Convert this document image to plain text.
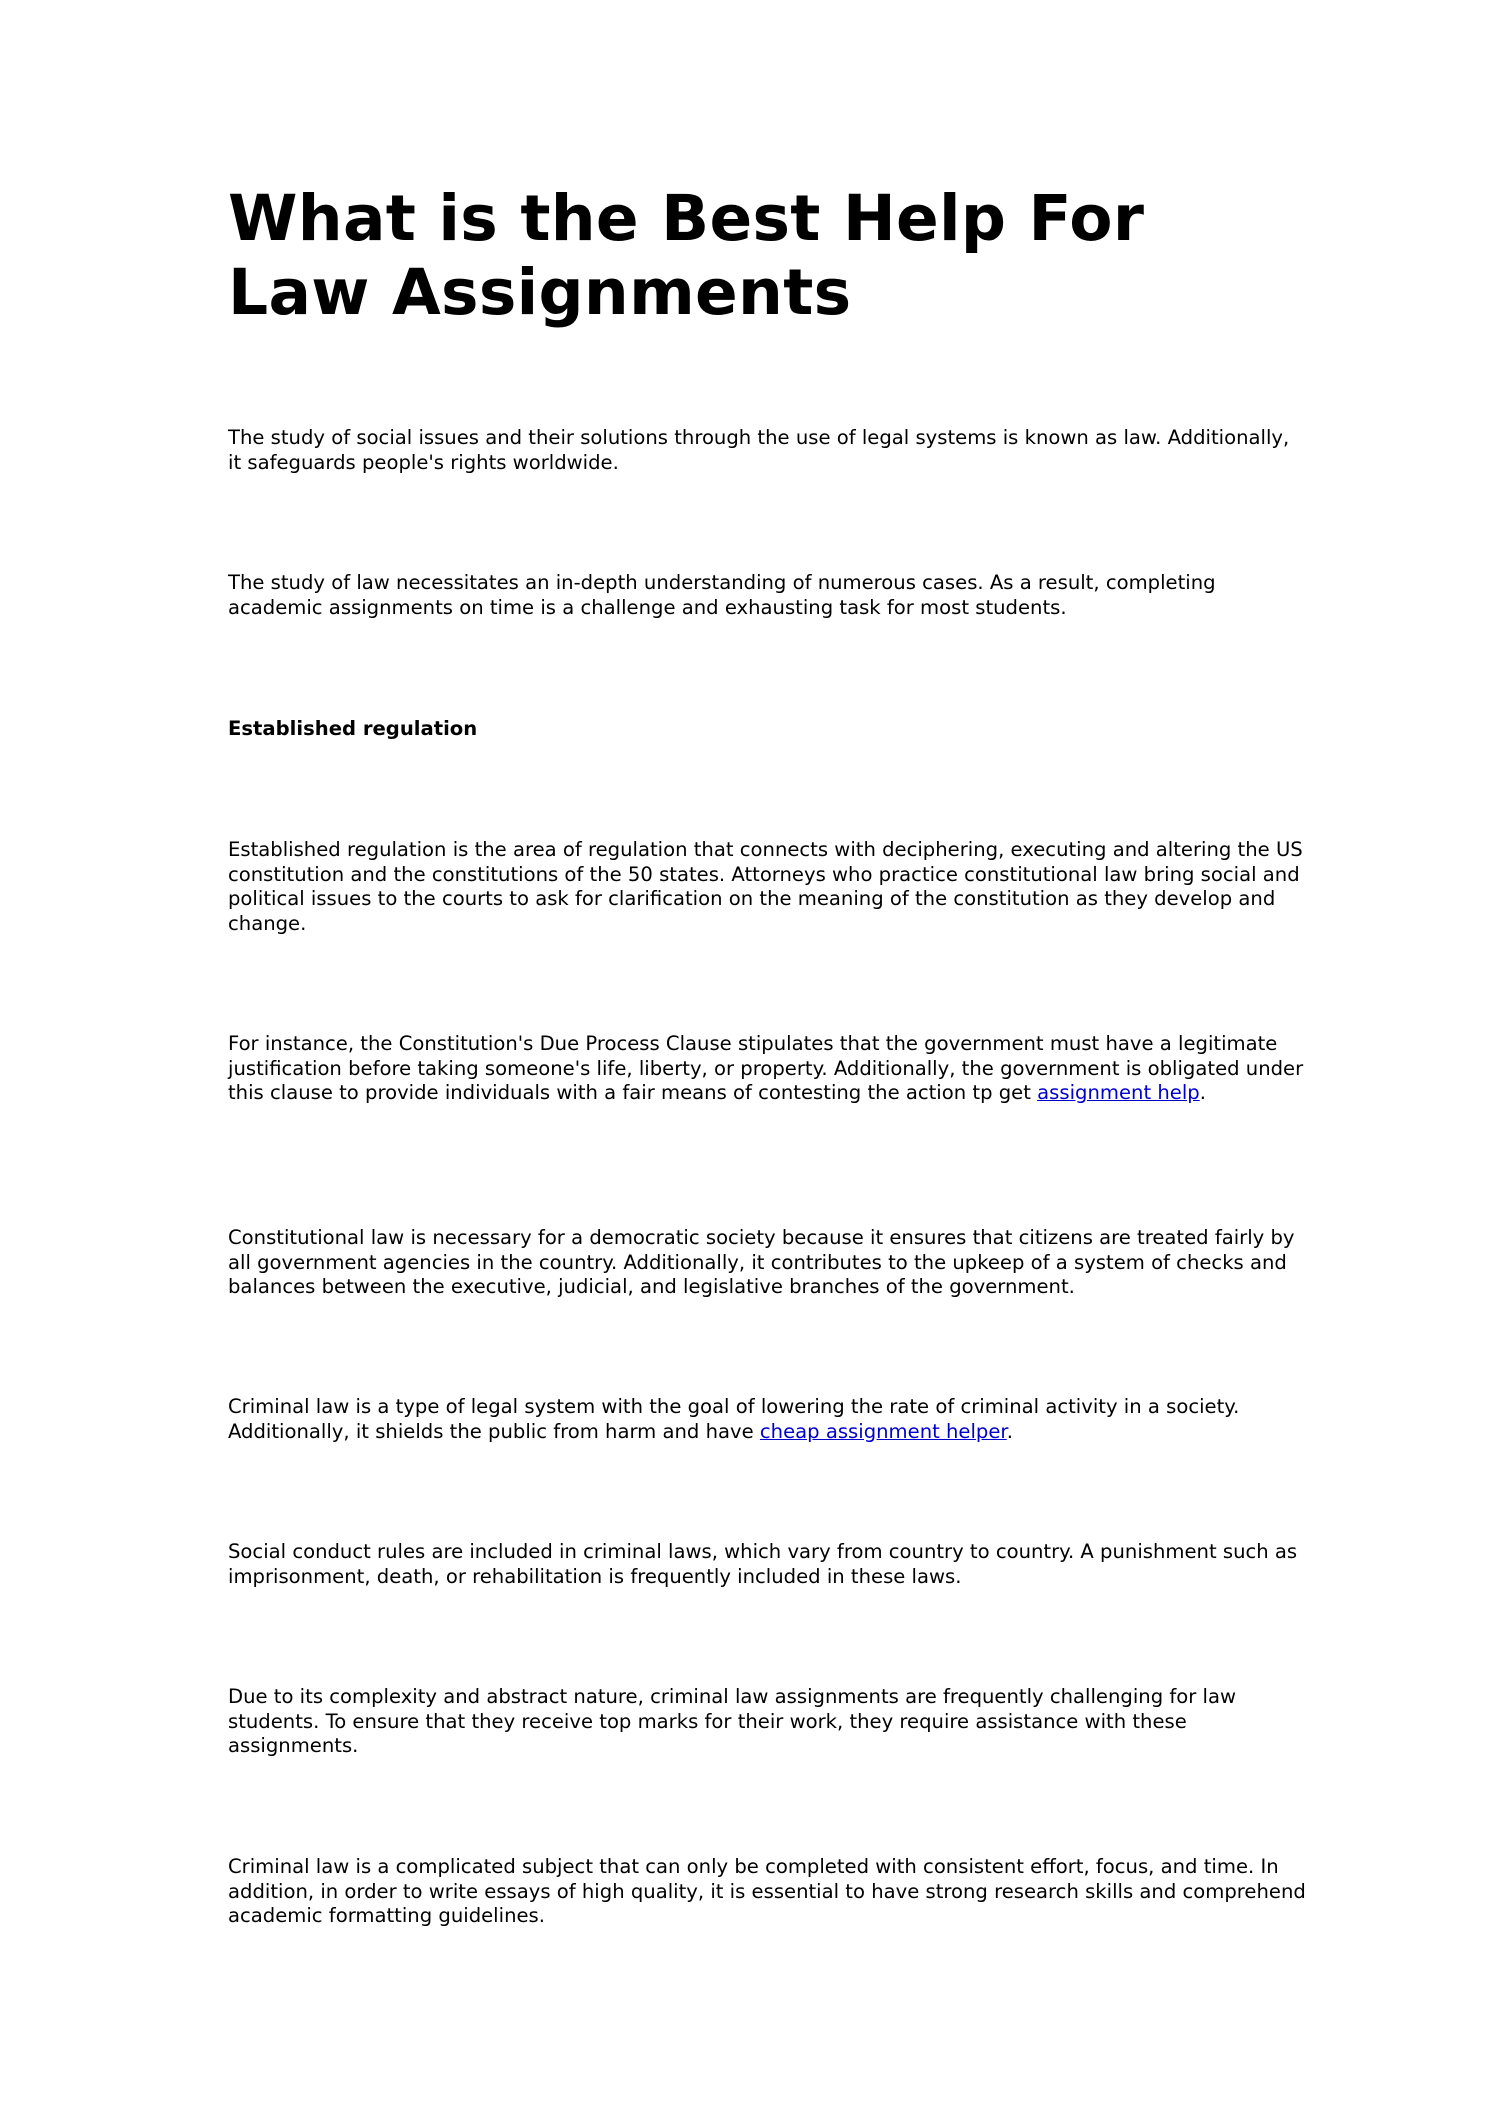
What is the Best Help For Law Assignments

The study of social issues and their solutions through the use of legal systems is known as law. Additionally, it safeguards people's rights worldwide.

The study of law necessitates an in-depth understanding of numerous cases. As a result, completing academic assignments on time is a challenge and exhausting task for most students.

Established regulation

Established regulation is the area of regulation that connects with deciphering, executing and altering the US constitution and the constitutions of the 50 states. Attorneys who practice constitutional law bring social and political issues to the courts to ask for clarification on the meaning of the constitution as they develop and change.

For instance, the Constitution's Due Process Clause stipulates that the government must have a legitimate justification before taking someone's life, liberty, or property. Additionally, the government is obligated under this clause to provide individuals with a fair means of contesting the action tp get assignment help.

Constitutional law is necessary for a democratic society because it ensures that citizens are treated fairly by all government agencies in the country. Additionally, it contributes to the upkeep of a system of checks and balances between the executive, judicial, and legislative branches of the government.

Criminal law is a type of legal system with the goal of lowering the rate of criminal activity in a society. Additionally, it shields the public from harm and have cheap assignment helper.

Social conduct rules are included in criminal laws, which vary from country to country. A punishment such as imprisonment, death, or rehabilitation is frequently included in these laws.

Due to its complexity and abstract nature, criminal law assignments are frequently challenging for law students. To ensure that they receive top marks for their work, they require assistance with these assignments.

Criminal law is a complicated subject that can only be completed with consistent effort, focus, and time. In addition, in order to write essays of high quality, it is essential to have strong research skills and comprehend academic formatting guidelines.
